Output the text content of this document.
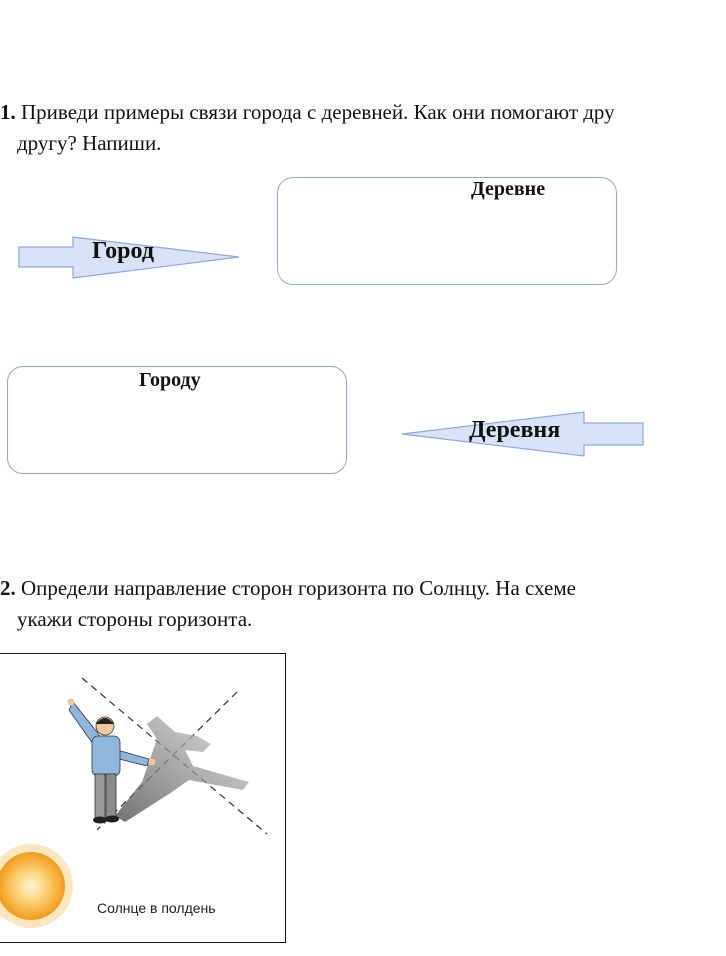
1. Приведи примеры связи города с деревней. Как они помогают дру
другу? Напиши.
Город
Деревне
Городу
Деревня
2. Определи направление сторон горизонта по Солнцу. На схеме
укажи стороны горизонта.
Солнце в полдень
